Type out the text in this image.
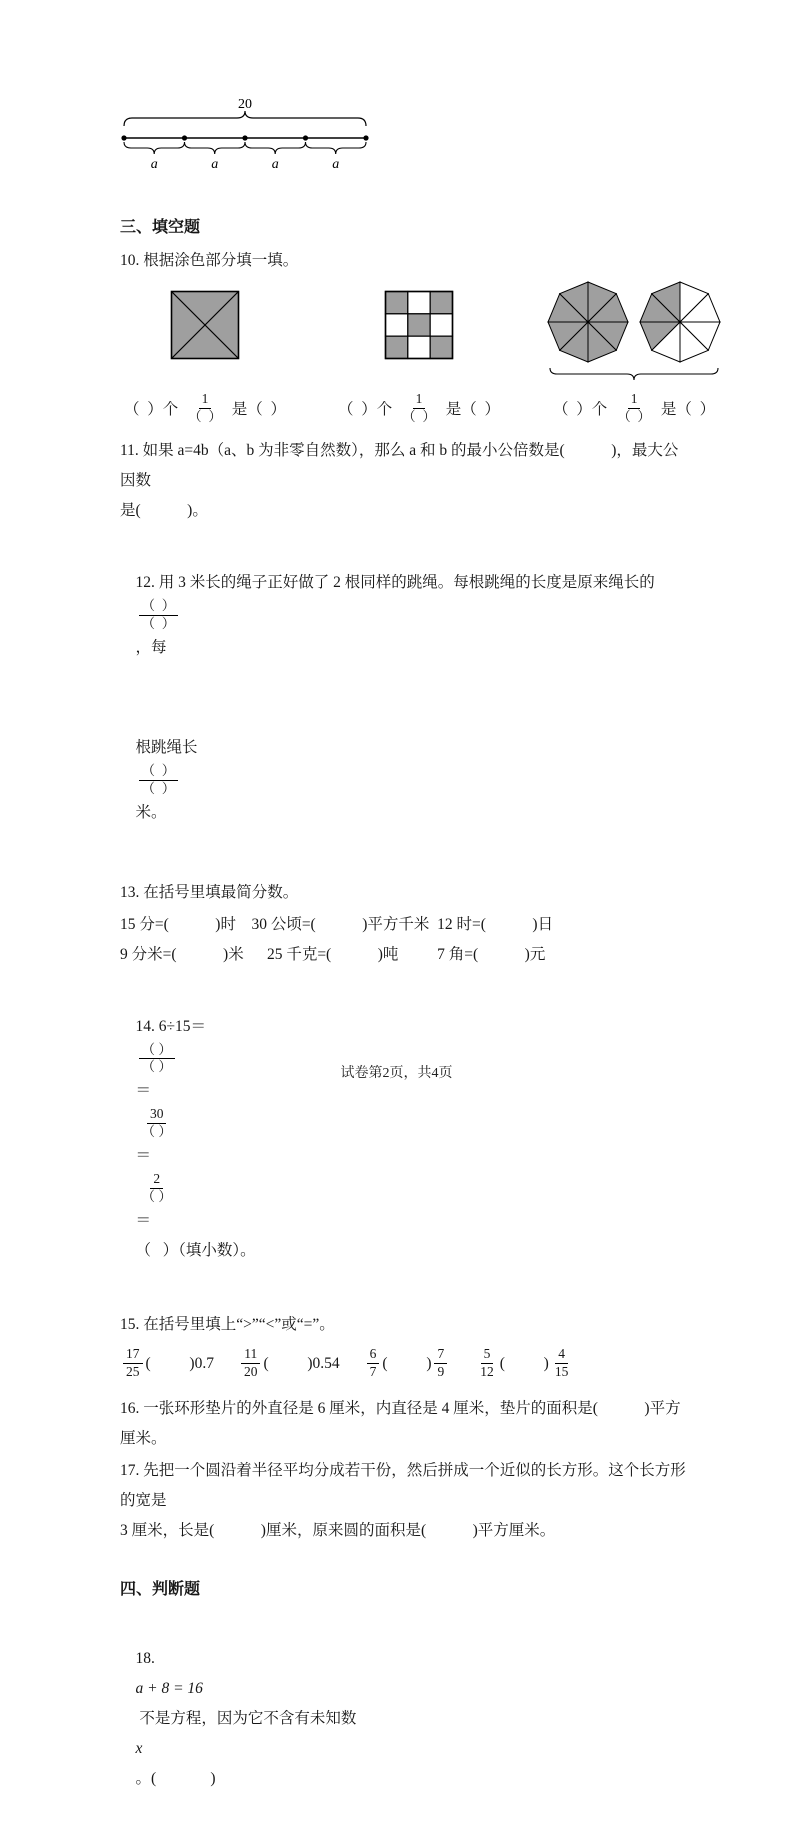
20
a	a	a	a
三、填空题
10. 根据涂色部分填一填。
（  ）个 $\frac{1}{( )}$ 是（  ）	（  ）个 $\frac{1}{( )}$ 是（  ）	（  ）个 $\frac{1}{( )}$ 是（  ）
11. 如果 a=4b（a、b 为非零自然数），那么 a 和 b 的最小公倍数是(            )，最大公因数
是(            )。

12. 用 3 米长的绳子正好做了 2 根同样的跳绳。每根跳绳的长度是原来绳长的

$\frac{( )}{( )}$

，每

根跳绳长

$\frac{( )}{( )}$

米。

13. 在括号里填最简分数。
15 分=(            )时    30 公顷=(            )平方千米  12 时=(            )日
9 分米=(            )米      25 千克=(            )吨          7 角=(            )元

14. 6÷15＝

$\frac{( )}{( )}$

＝

$\frac{30}{( )}$

＝

$\frac{2}{( )}$

＝
（   ）（填小数）。

15. 在括号里填上“>”“<”或“=”。
$\frac{17}{25}$ (          ) $0.7 \frac{11}{20}$ (          ) $0.54 \frac{6}{7}$ (          ) $\frac{7}{9} \frac{5}{12}$ (          ) $\frac{4}{15}$
16. 一张环形垫片的外直径是 6 厘米，内直径是 4 厘米，垫片的面积是(            )平方厘米。
17. 先把一个圆沿着半径平均分成若干份，然后拼成一个近似的长方形。这个长方形的宽是
3 厘米，长是(            )厘米，原来圆的面积是(            )平方厘米。
四、判断题

18.
a + 8 = 16
不是方程，因为它不含有未知数
x
。(              )

试卷第2页，共4页
